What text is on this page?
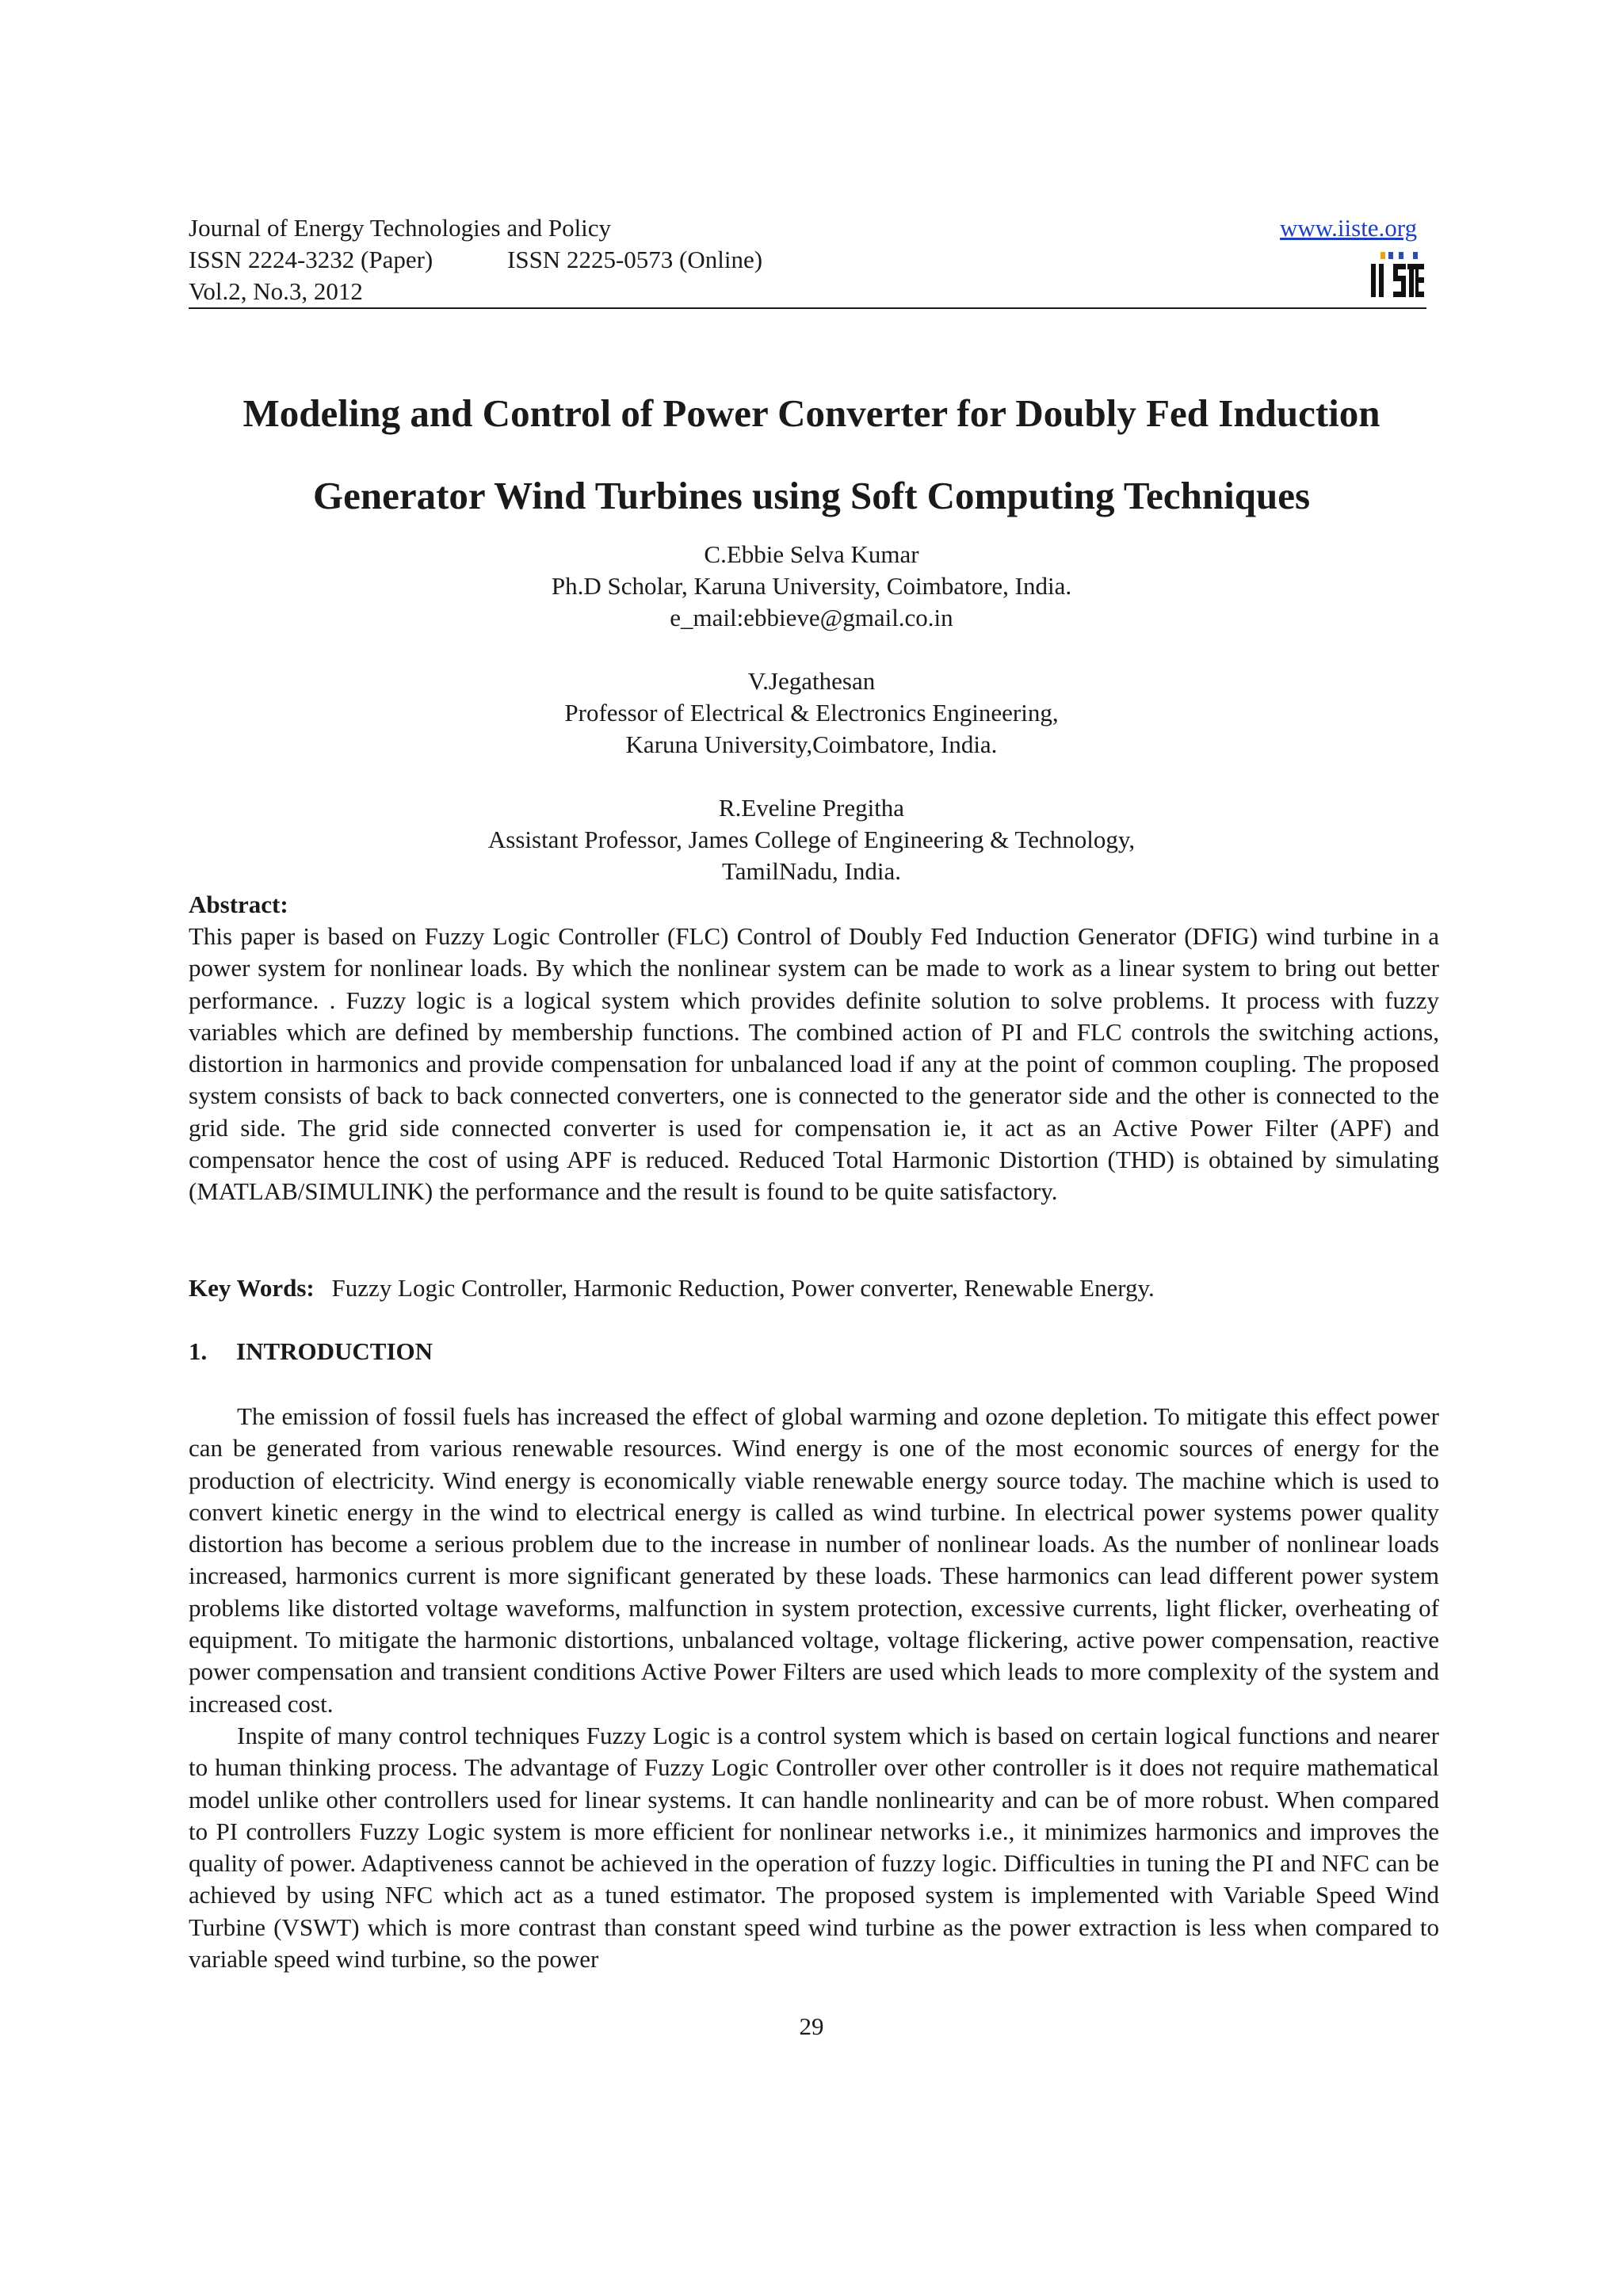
Journal of Energy Technologies and Policy
ISSN 2224-3232 (Paper)	ISSN 2225-0573 (Online)
Vol.2, No.3, 2012
www.iiste.org
Modeling and Control of Power Converter for Doubly Fed Induction
Generator Wind Turbines using Soft Computing Techniques
C.Ebbie Selva Kumar
Ph.D Scholar, Karuna University, Coimbatore, India.
e_mail:ebbieve@gmail.co.in
V.Jegathesan
Professor of Electrical & Electronics Engineering,
Karuna University,Coimbatore, India.
R.Eveline Pregitha
Assistant Professor, James College of Engineering & Technology,
TamilNadu, India.
Abstract:
This paper is based on Fuzzy Logic Controller (FLC) Control of Doubly Fed Induction Generator (DFIG) wind turbine in a power system for nonlinear loads. By which the nonlinear system can be made to work as a linear system to bring out better performance. . Fuzzy logic is a logical system which provides definite solution to solve problems. It process with fuzzy variables which are defined by membership functions. The combined action of PI and FLC controls the switching actions, distortion in harmonics and provide compensation for unbalanced load if any at the point of common coupling. The proposed system consists of back to back connected converters, one is connected to the generator side and the other is connected to the grid side. The grid side connected converter is used for compensation ie, it act as an Active Power Filter (APF) and compensator hence the cost of using APF is reduced. Reduced Total Harmonic Distortion (THD) is obtained by simulating (MATLAB/SIMULINK) the performance and the result is found to be quite satisfactory.
Key Words: Fuzzy Logic Controller, Harmonic Reduction, Power converter, Renewable Energy.
1. INTRODUCTION

The emission of fossil fuels has increased the effect of global warming and ozone depletion. To mitigate this effect power can be generated from various renewable resources. Wind energy is one of the most economic sources of energy for the production of electricity. Wind energy is economically viable renewable energy source today. The machine which is used to convert kinetic energy in the wind to electrical energy is called as wind turbine. In electrical power systems power quality distortion has become a serious problem due to the increase in number of nonlinear loads. As the number of nonlinear loads increased, harmonics current is more significant generated by these loads. These harmonics can lead different power system problems like distorted voltage waveforms, malfunction in system protection, excessive currents, light flicker, overheating of equipment. To mitigate the harmonic distortions, unbalanced voltage, voltage flickering, active power compensation, reactive power compensation and transient conditions Active Power Filters are used which leads to more complexity of the system and increased cost.

Inspite of many control techniques Fuzzy Logic is a control system which is based on certain logical functions and nearer to human thinking process. The advantage of Fuzzy Logic Controller over other controller is it does not require mathematical model unlike other controllers used for linear systems. It can handle nonlinearity and can be of more robust. When compared to PI controllers Fuzzy Logic system is more efficient for nonlinear networks i.e., it minimizes harmonics and improves the quality of power. Adaptiveness cannot be achieved in the operation of fuzzy logic. Difficulties in tuning the PI and NFC can be achieved by using NFC which act as a tuned estimator. The proposed system is implemented with Variable Speed Wind Turbine (VSWT) which is more contrast than constant speed wind turbine as the power extraction is less when compared to variable speed wind turbine, so the power

29
